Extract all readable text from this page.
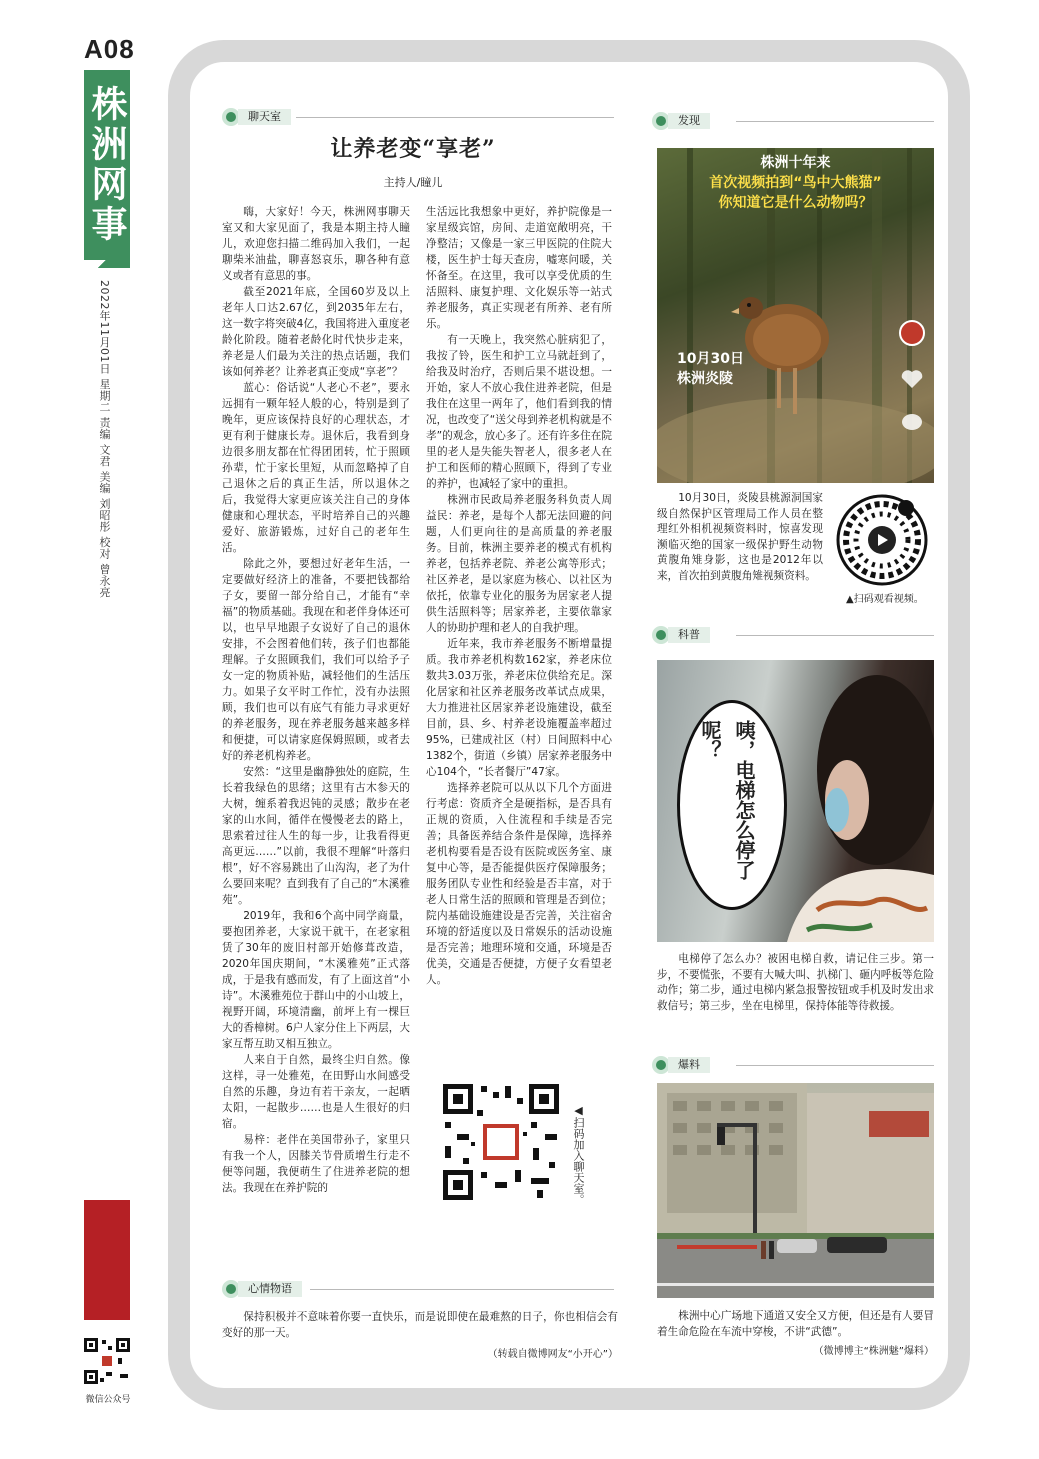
A08
株洲网事
2022年11月01日 星期二 责编 文君 美编 刘昭彤 校对 曾永亮
微信公众号
聊天室
让养老变“享老”
主持人/瞳儿

嗨，大家好！今天，株洲网事聊天室又和大家见面了，我是本期主持人瞳儿，欢迎您扫描二维码加入我们，一起聊柴米油盐，聊喜怒哀乐，聊各种有意义或者有意思的事。

截至2021年底，全国60岁及以上老年人口达2.67亿，到2035年左右，这一数字将突破4亿，我国将进入重度老龄化阶段。随着老龄化时代快步走来，养老是人们最为关注的热点话题，我们该如何养老？让养老真正变成“享老”？

蓝心：俗话说“人老心不老”，要永远拥有一颗年轻人般的心，特别是到了晚年，更应该保持良好的心理状态，才更有利于健康长寿。退休后，我看到身边很多朋友都在忙得团团转，忙于照顾孙辈，忙于家长里短，从而忽略掉了自己退休之后的真正生活，所以退休之后，我觉得大家更应该关注自己的身体健康和心理状态，平时培养自己的兴趣爱好、旅游锻炼，过好自己的老年生活。

除此之外，要想过好老年生活，一定要做好经济上的准备，不要把钱都给子女，要留一部分给自己，才能有“幸福”的物质基础。我现在和老伴身体还可以，也早早地跟子女说好了自己的退休安排，不会图着他们转，孩子们也都能理解。子女照顾我们，我们可以给予子女一定的物质补贴，减轻他们的生活压力。如果子女平时工作忙，没有办法照顾，我们也可以有底气有能力寻求更好的养老服务，现在养老服务越来越多样和便捷，可以请家庭保姆照顾，或者去好的养老机构养老。

安然：“这里是幽静独处的庭院，生长着我绿色的思绪；这里有古木参天的大树，缠系着我迟钝的灵感；散步在老家的山水间，循伴在慢慢老去的路上，思索着过往人生的每一步，让我看得更高更远……”以前，我很不理解“叶落归根”，好不容易跳出了山沟沟，老了为什么要回来呢？直到我有了自己的“木溪雅苑”。

2019年，我和6个高中同学商量，要抱团养老，大家说干就干，在老家租赁了30年的废旧村部开始修葺改造，2020年国庆期间，“木溪雅苑”正式落成，于是我有感而发，有了上面这首“小诗”。木溪雅苑位于群山中的小山坡上，视野开阔，环境清幽，前坪上有一棵巨大的香樟树。6户人家分住上下两层，大家互帮互助又相互独立。

人来自于自然，最终尘归自然。像这样，寻一处雅苑，在田野山水间感受自然的乐趣，身边有若干亲友，一起晒太阳，一起散步……也是人生很好的归宿。

易梓：老伴在美国带孙子，家里只有我一个人，因膝关节骨质增生行走不便等问题，我便萌生了住进养老院的想法。我现在在养护院的

生活远比我想象中更好，养护院像是一家星级宾馆，房间、走道宽敞明亮，干净整洁；又像是一家三甲医院的住院大楼，医生护士每天查房，嘘寒问暖，关怀备至。在这里，我可以享受优质的生活照料、康复护理、文化娱乐等一站式养老服务，真正实现老有所养、老有所乐。

有一天晚上，我突然心脏病犯了，我按了铃，医生和护工立马就赶到了，给我及时治疗，否则后果不堪设想。一开始，家人不放心我住进养老院，但是我住在这里一两年了，他们看到我的情况，也改变了“送父母到养老机构就是不孝”的观念，放心多了。还有许多住在院里的老人是失能失智老人，很多老人在护工和医师的精心照顾下，得到了专业的养护，也减轻了家中的重担。

株洲市民政局养老服务科负责人周益民：养老，是每个人都无法回避的问题，人们更向往的是高质量的养老服务。目前，株洲主要养老的模式有机构养老，包括养老院、养老公寓等形式；社区养老，是以家庭为核心、以社区为依托，依靠专业化的服务为居家老人提供生活照料等；居家养老，主要依靠家人的协助护理和老人的自我护理。

近年来，我市养老服务不断增量提质。我市养老机构数162家，养老床位数共3.03万张，养老床位供给充足。深化居家和社区养老服务改革试点成果，大力推进社区居家养老设施建设，截至目前，县、乡、村养老设施覆盖率超过95%，已建成社区（村）日间照料中心1382个，街道（乡镇）居家养老服务中心104个，“长者餐厅”47家。

选择养老院可以从以下几个方面进行考虑：资质齐全是硬指标，是否具有正规的资质，入住流程和手续是否完善；具备医养结合条件是保障，选择养老机构要看是否设有医院或医务室、康复中心等，是否能提供医疗保障服务；服务团队专业性和经验是否丰富，对于老人日常生活的照顾和管理是否到位；院内基础设施建设是否完善，关注宿舍环境的舒适度以及日常娱乐的活动设施是否完善；地理环境和交通，环境是否优美，交通是否便捷，方便子女看望老人。

◀扫码加入聊天室。
心情物语
保持积极并不意味着你要一直快乐，而是说即使在最难熬的日子，你也相信会有变好的那一天。
（转载自微博网友“小开心”）
发现
株洲十年来
首次视频拍到“鸟中大熊猫”
你知道它是什么动物吗？
10月30日
株洲炎陵
10月30日，炎陵县桃源洞国家级自然保护区管理局工作人员在整理红外相机视频资料时，惊喜发现濒临灭绝的国家一级保护野生动物黄腹角雉身影，这也是2012年以来，首次拍到黄腹角雉视频资料。
▲扫码观看视频。
科普
咦，电梯怎么停了呢？
电梯停了怎么办？被困电梯自救，请记住三步。第一步，不要慌张，不要有大喊大叫、扒梯门、砸内呼板等危险动作；第二步，通过电梯内紧急报警按钮或手机及时发出求救信号；第三步，坐在电梯里，保持体能等待救援。
爆料
株洲中心广场地下通道又安全又方便，但还是有人要冒着生命危险在车流中穿梭，不讲“武德”。
（微博博主“株洲魅”爆料）
